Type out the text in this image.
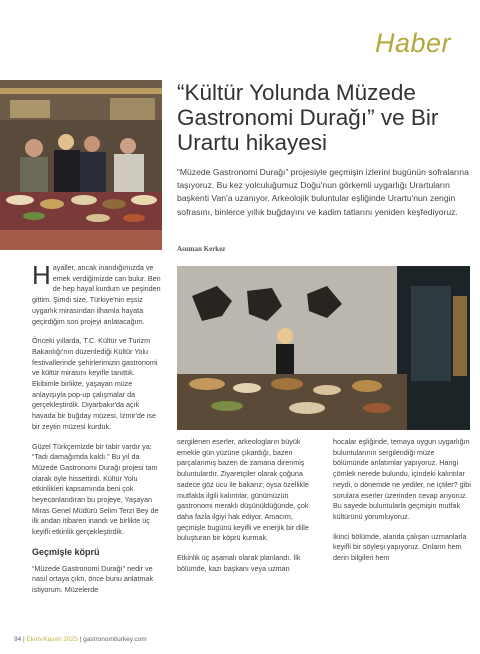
Haber
“Kültür Yolunda Müzede Gastronomi Durağı” ve Bir Urartu hikayesi
“Müzede Gastronomi Durağı” projesiyle geçmişin izlerini bugünün sofralarına taşıyoruz. Bu kez yolculuğumuz Doğu'nun görkemli uygarlığı Urartuların başkenti Van'a uzanıyor. Arkeolojik buluntular eşliğinde Urartu'nun zengin sofrasını, binlerce yıllık buğdayını ve kadim tatlarını yeniden keşfediyoruz.
Asuman Kerkez

Hayaller, ancak inandığımızda ve emek verdiğimizde can bulur. Ben de hep hayal kurdum ve peşinden gittim. Şimdi size, Türkiye'nin eşsiz uygarlık mirasından ilhamla hayata geçirdiğim son projeyi anlatacağım.

Önceki yıllarda, T.C. Kültür ve Turizm Bakanlığı'nın düzenlediği Kültür Yolu festivallerinde şehirlerimizin gastronomi ve kültür mirasını keyifle tanıttık. Ekibimle birlikte, yaşayan müze anlayışıyla pop-up çalışmalar da gerçekleştirdik. Diyarbakır'da açık havada bir buğday müzesi, İzmir'de ise bir zeytin müzesi kurduk.

Güzel Türkçemizde bir tabir vardır ya: “Tadı damağımda kaldı.” Bu yıl da Müzede Gastronomi Durağı projesi tam olarak öyle hissettirdi. Kültür Yolu etkinlikleri kapsamında beni çok heyecanlandıran bu projeye, Yaşayan Miras Genel Müdürü Selim Terzi Bey de ilk andan itibaren inandı ve birlikte üç keyifli etkinlik gerçekleştirdik.

Geçmişle köprü

“Müzede Gastronomi Durağı” nedir ve nasıl ortaya çıktı, önce bunu anlatmak istiyorum. Müzelerde

sergilenen eserler, arkeologların büyük emekle gün yüzüne çıkardığı, bazen parçalanmış bazen de zamana direnmiş buluntulardır. Ziyaretçiler olarak çoğuna sadece göz ucu ile bakarız; oysa özellikle mutfakla ilgili kalıntılar, günümüzün gastronomi meraklı düşünüldüğünde, çok daha fazla ilgiyi hak ediyor. Amacım, geçmişle bugünü keyifli ve enerjik bir dille buluşturan bir köprü kurmak.

Etkinlik üç aşamalı olarak planlandı. İlk bölümde, kazı başkanı veya uzman

hocalar eşliğinde, temaya uygun uygarlığın buluntularının sergilendiği müze bölümünde anlatımlar yapıyoruz. Hangi çömlek nerede bulundu, içindeki kalıntılar neydi, o dönemde ne yediler, ne içtiler? gibi sorulara eserler üzerinden cevap arıyoruz. Bu sayede buluntularla geçmişin mutfak kültürünü yorumluyoruz.

İkinci bölümde, alanda çalışan uzmanlarla keyifli bir söyleşi yapıyoruz. Onların hem derin bilgileri hem

94 | Ekim-Kasım 2025 | gastronomiturkey.com
